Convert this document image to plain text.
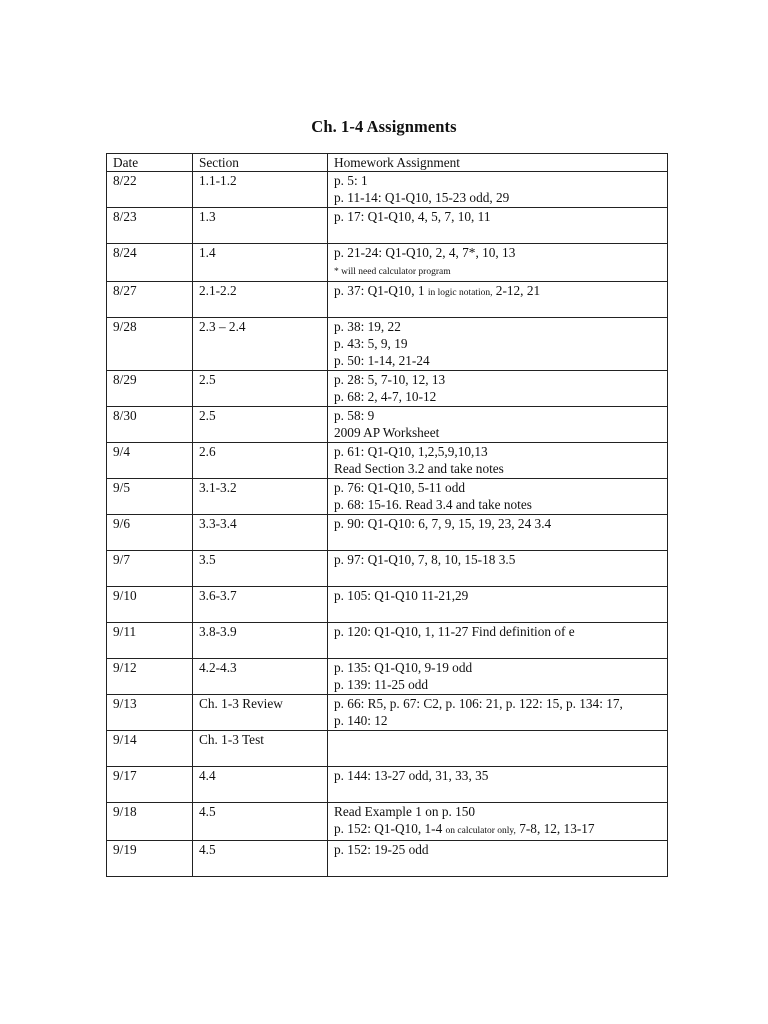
Ch. 1-4 Assignments
Date	Section	Homework Assignment
8/22	1.1-1.2	p. 5: 1
p. 11-14: Q1-Q10, 15-23 odd, 29

8/23	1.3	p. 17: Q1-Q10, 4, 5, 7, 10, 11

8/24	1.4	p. 21-24: Q1-Q10, 2, 4, 7*, 10, 13
* will need calculator program

8/27	2.1-2.2	p. 37: Q1-Q10, 1 in logic notation, 2-12, 21

9/28	2.3 – 2.4	p. 38: 19, 22
p. 43: 5, 9, 19
p. 50: 1-14, 21-24

8/29	2.5	p. 28: 5, 7-10, 12, 13
p. 68: 2, 4-7, 10-12

8/30	2.5	p. 58: 9
2009 AP Worksheet

9/4	2.6	p. 61: Q1-Q10, 1,2,5,9,10,13
Read Section 3.2 and take notes

9/5	3.1-3.2	p. 76: Q1-Q10, 5-11 odd
p. 68: 15-16. Read 3.4 and take notes

9/6	3.3-3.4	p. 90: Q1-Q10: 6, 7, 9, 15, 19, 23, 24 3.4

9/7	3.5	p. 97: Q1-Q10, 7, 8, 10, 15-18 3.5

9/10	3.6-3.7	p. 105: Q1-Q10 11-21,29

9/11	3.8-3.9	p. 120: Q1-Q10, 1, 11-27 Find definition of e

9/12	4.2-4.3	p. 135: Q1-Q10, 9-19 odd
p. 139: 11-25 odd

9/13	Ch. 1-3 Review	p. 66: R5, p. 67: C2, p. 106: 21, p. 122: 15, p. 134: 17,
p. 140: 12

9/14	Ch. 1-3 Test	

9/17	4.4	p. 144: 13-27 odd, 31, 33, 35

9/18	4.5	Read Example 1 on p. 150
p. 152: Q1-Q10, 1-4 on calculator only, 7-8, 12, 13-17

9/19	4.5	p. 152: 19-25 odd
